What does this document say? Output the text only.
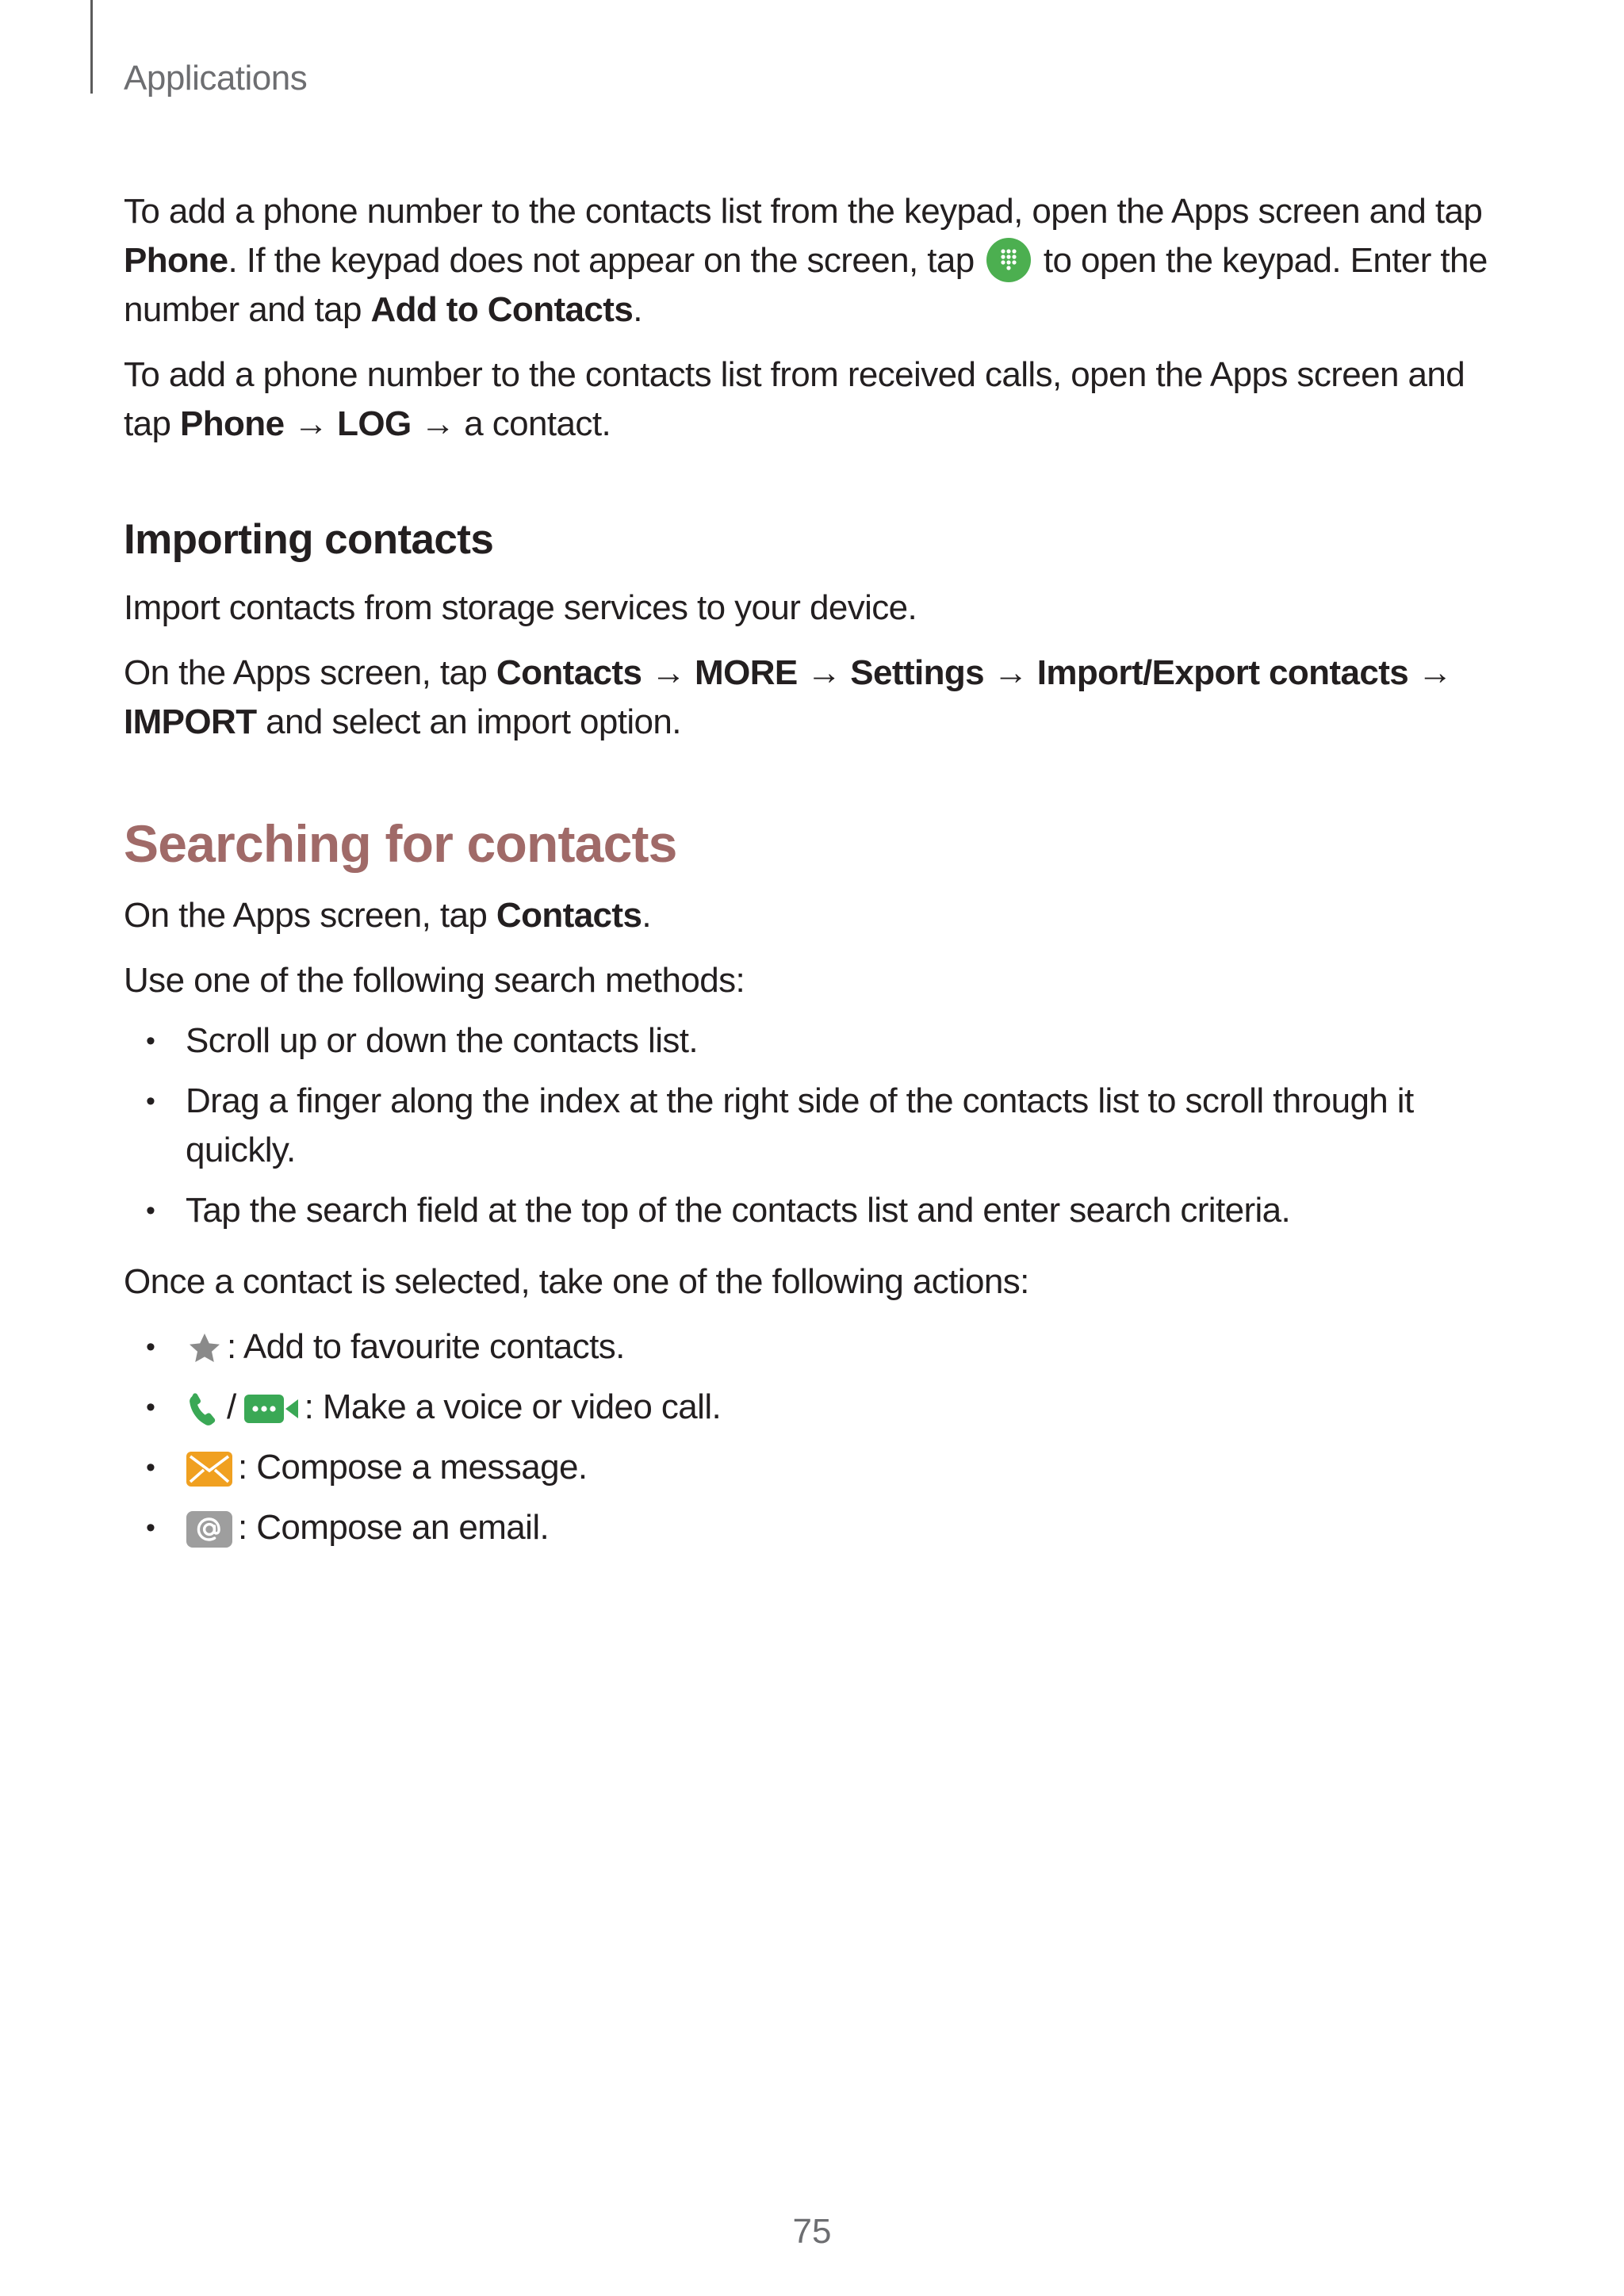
Applications

To add a phone number to the contacts list from the keypad, open the Apps screen and tap Phone. If the keypad does not appear on the screen, tap
to open the keypad. Enter the number and tap Add to Contacts.

To add a phone number to the contacts list from received calls, open the Apps screen and tap Phone → LOG → a contact.

Importing contacts

Import contacts from storage services to your device.

On the Apps screen, tap Contacts → MORE → Settings → Import/Export contacts → IMPORT and select an import option.

Searching for contacts

On the Apps screen, tap Contacts.

Use one of the following search methods:

• Scroll up or down the contacts list.
• Drag a finger along the index at the right side of the contacts list to scroll through it quickly.
• Tap the search field at the top of the contacts list and enter search criteria.

Once a contact is selected, take one of the following actions:

• : Add to favourite contacts.
• / : Make a voice or video call.
• : Compose a message.
• : Compose an email.
75
